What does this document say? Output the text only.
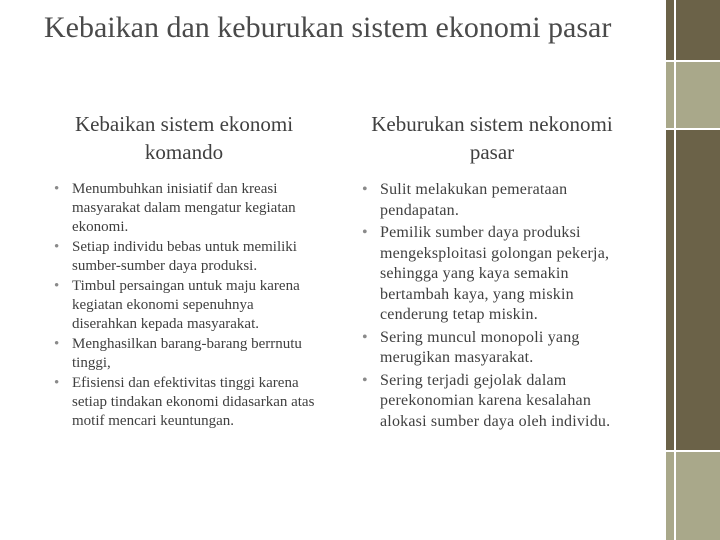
Kebaikan dan keburukan sistem ekonomi pasar
Kebaikan sistem ekonomi komando
• Menumbuhkan inisiatif dan kreasi masyarakat dalam mengatur kegiatan ekonomi.
• Setiap individu bebas untuk memiliki sumber-sumber daya produksi.
• Timbul persaingan untuk maju karena kegiatan ekonomi sepenuhnya diserahkan kepada masyarakat.
• Menghasilkan barang-barang berrnutu tinggi,
• Efisiensi dan efektivitas tinggi karena setiap tindakan ekonomi didasarkan atas motif mencari keuntungan.
Keburukan sistem nekonomi pasar
• Sulit melakukan pemerataan pendapatan.
• Pemilik sumber daya produksi mengeksploitasi golongan pekerja, sehingga yang kaya semakin bertambah kaya, yang miskin cenderung tetap miskin.
• Sering muncul monopoli yang merugikan masyarakat.
• Sering terjadi gejolak dalam perekonomian karena kesalahan alokasi sumber daya oleh individu.
